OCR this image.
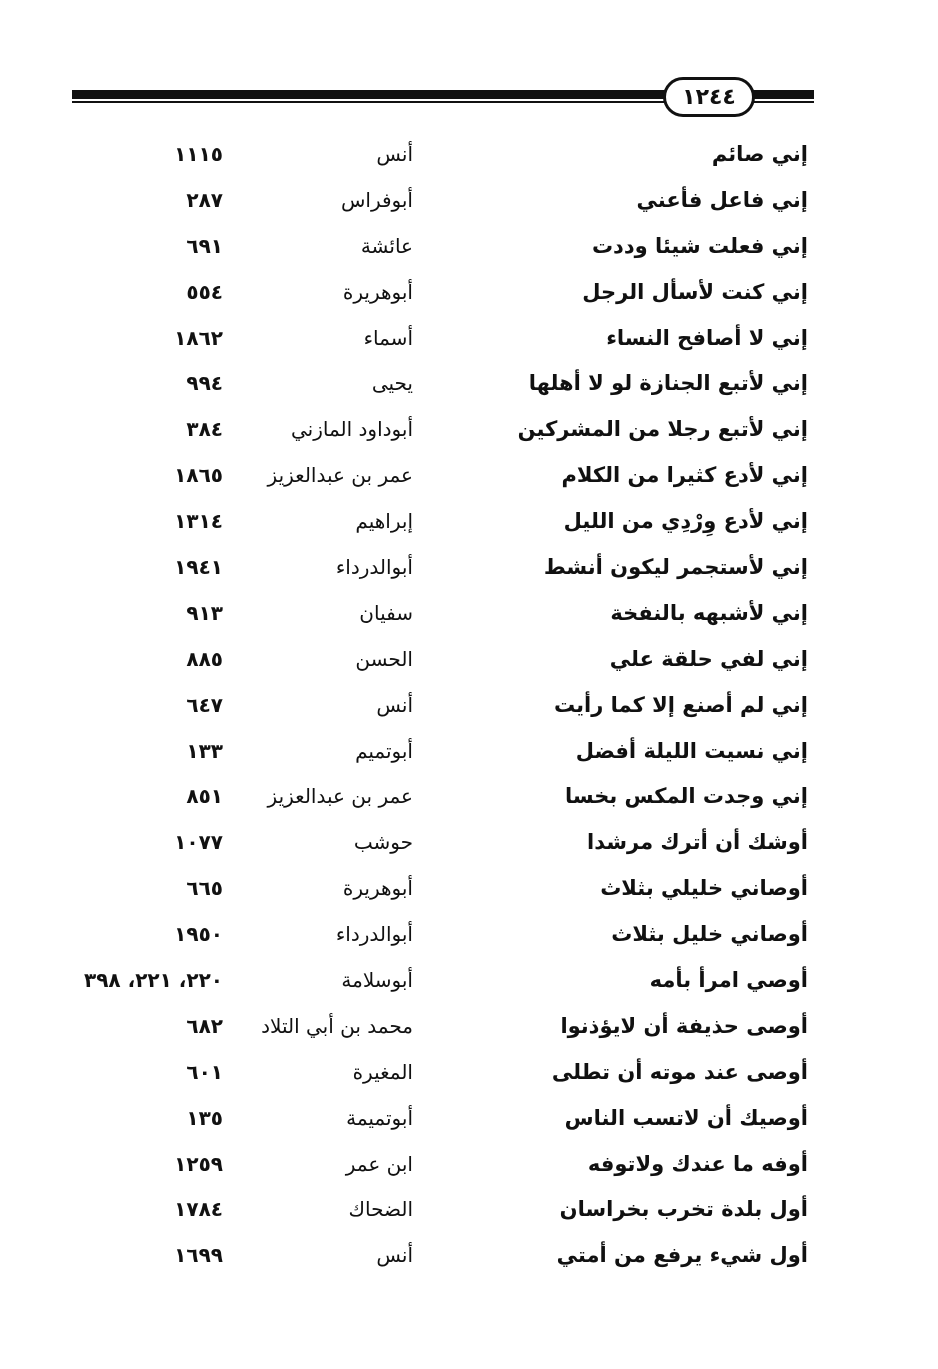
١٢٤٤
إني صائم
أنس
١١١٥
إني فاعل فأعني
أبوفراس
٢٨٧
إني فعلت شيئا وددت
عائشة
٦٩١
إني كنت لأسأل الرجل
أبوهريرة
٥٥٤
إني لا أصافح النساء
أسماء
١٨٦٢
إني لأتبع الجنازة لو لا أهلها
يحيى
٩٩٤
إني لأتبع رجلا من المشركين
أبوداود المازني
٣٨٤
إني لأدع كثيرا من الكلام
عمر بن عبدالعزيز
١٨٦٥
إني لأدع وِرْدِي من الليل
إبراهيم
١٣١٤
إني لأستجمر ليكون أنشط
أبوالدرداء
١٩٤١
إني لأشبهه بالنفخة
سفيان
٩١٣
إني لفي حلقة علي
الحسن
٨٨٥
إني لم أصنع إلا كما رأيت
أنس
٦٤٧
إني نسيت الليلة أفضل
أبوتميم
١٣٣
إني وجدت المكس بخسا
عمر بن عبدالعزيز
٨٥١
أوشك أن أترك مرشدا
حوشب
١٠٧٧
أوصاني خليلي بثلاث
أبوهريرة
٦٦٥
أوصاني خليل بثلاث
أبوالدرداء
١٩٥٠
أوصي امرأ بأمه
أبوسلامة
٢٢٠، ٢٢١، ٣٩٨
أوصى حذيفة أن لايؤذنوا
محمد بن أبي التلاد
٦٨٢
أوصى عند موته أن تطلى
المغيرة
٦٠١
أوصيك أن لاتسب الناس
أبوتميمة
١٣٥
أوفه ما عندك ولاتوفه
ابن عمر
١٢٥٩
أول بلدة تخرب بخراسان
الضحاك
١٧٨٤
أول شيء يرفع من أمتي
أنس
١٦٩٩
